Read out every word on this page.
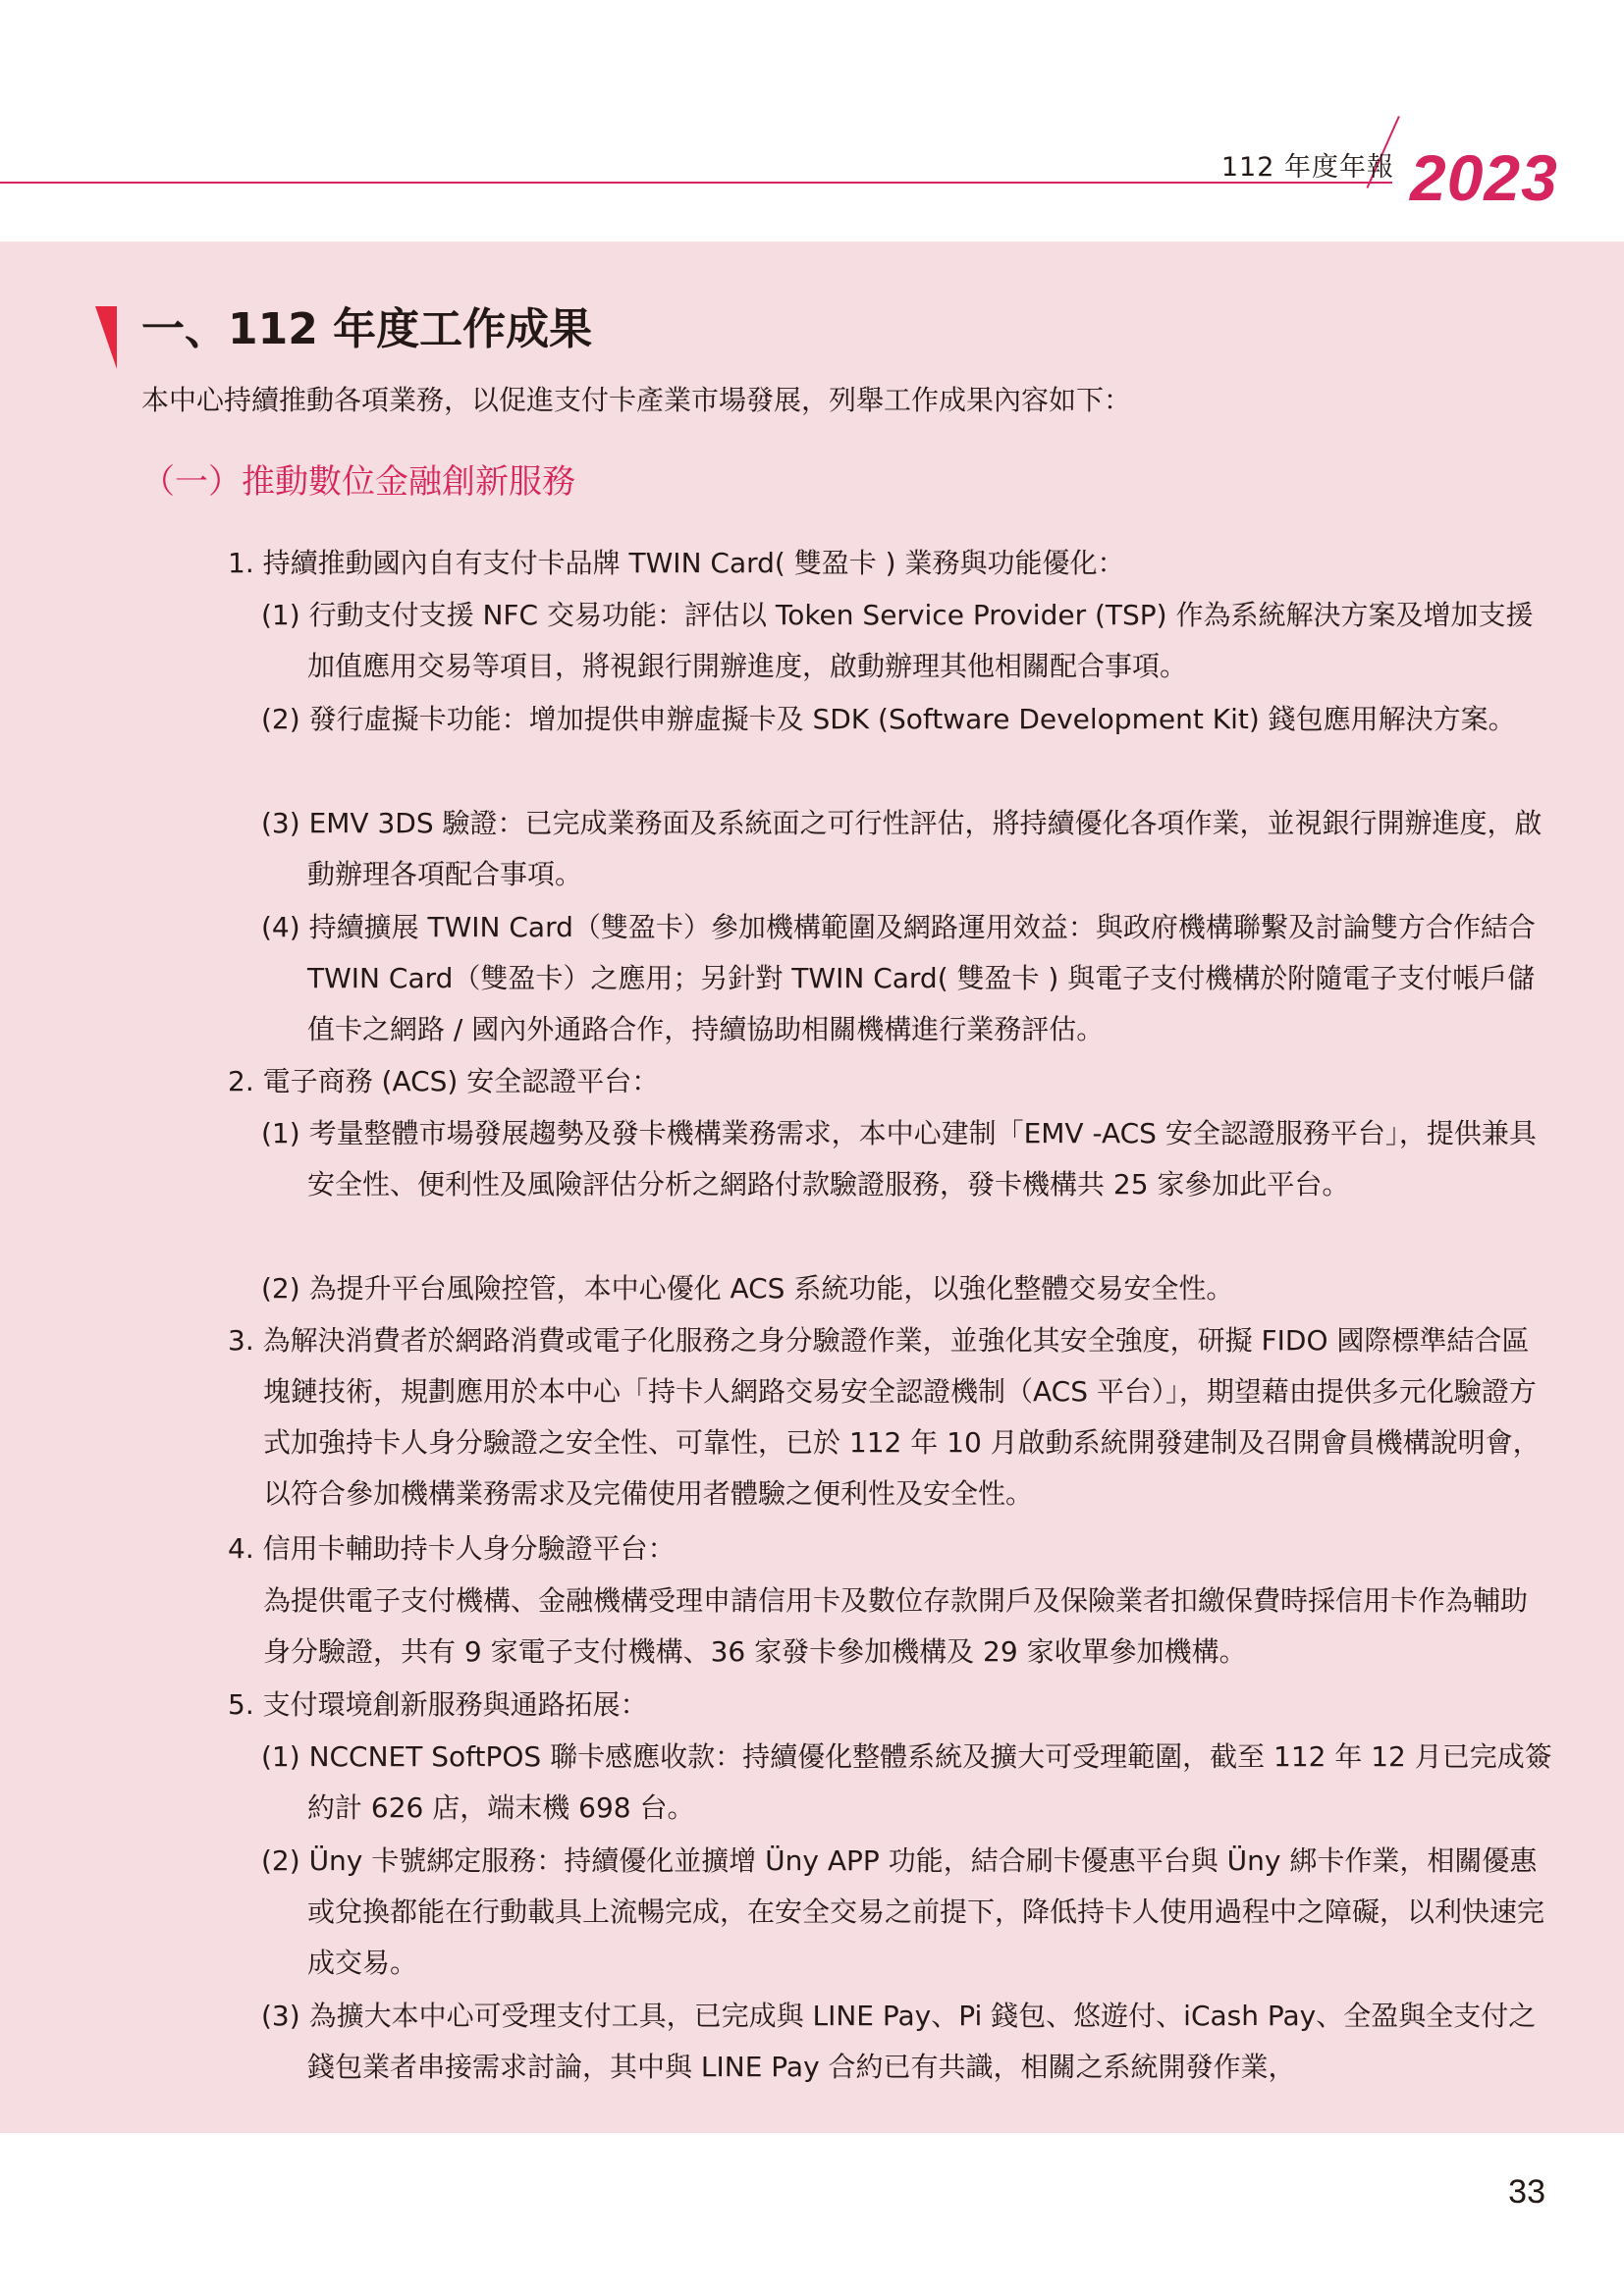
112 年度年報 2023
一、112 年度工作成果
本中心持續推動各項業務，以促進支付卡產業市場發展，列舉工作成果內容如下：
（一）推動數位金融創新服務

1. 持續推動國內自有支付卡品牌 TWIN Card( 雙盈卡 ) 業務與功能優化：

(1) 行動支付支援 NFC 交易功能：評估以 Token Service Provider (TSP) 作為系統解決方案及增加支援加值應用交易等項目，將視銀行開辦進度，啟動辦理其他相關配合事項。

(2) 發行虛擬卡功能：增加提供申辦虛擬卡及 SDK (Software Development Kit) 錢包應用解決方案。

(3) EMV 3DS 驗證：已完成業務面及系統面之可行性評估，將持續優化各項作業，並視銀行開辦進度，啟動辦理各項配合事項。

(4) 持續擴展 TWIN Card（雙盈卡）參加機構範圍及網路運用效益：與政府機構聯繫及討論雙方合作結合 TWIN Card（雙盈卡）之應用；另針對 TWIN Card( 雙盈卡 ) 與電子支付機構於附隨電子支付帳戶儲值卡之網路 / 國內外通路合作，持續協助相關機構進行業務評估。

2. 電子商務 (ACS) 安全認證平台：

(1) 考量整體市場發展趨勢及發卡機構業務需求，本中心建制「EMV -ACS 安全認證服務平台」，提供兼具安全性、便利性及風險評估分析之網路付款驗證服務，發卡機構共 25 家參加此平台。

(2) 為提升平台風險控管，本中心優化 ACS 系統功能，以強化整體交易安全性。

3. 為解決消費者於網路消費或電子化服務之身分驗證作業，並強化其安全強度，研擬 FIDO 國際標準結合區塊鏈技術，規劃應用於本中心「持卡人網路交易安全認證機制（ACS 平台）」，期望藉由提供多元化驗證方式加強持卡人身分驗證之安全性、可靠性，已於 112 年 10 月啟動系統開發建制及召開會員機構說明會，以符合參加機構業務需求及完備使用者體驗之便利性及安全性。

4. 信用卡輔助持卡人身分驗證平台：

為提供電子支付機構、金融機構受理申請信用卡及數位存款開戶及保險業者扣繳保費時採信用卡作為輔助身分驗證，共有 9 家電子支付機構、36 家發卡參加機構及 29 家收單參加機構。

5. 支付環境創新服務與通路拓展：

(1) NCCNET SoftPOS 聯卡感應收款：持續優化整體系統及擴大可受理範圍，截至 112 年 12 月已完成簽約計 626 店，端末機 698 台。

(2) Üny 卡號綁定服務：持續優化並擴增 Üny APP 功能，結合刷卡優惠平台與 Üny 綁卡作業，相關優惠或兌換都能在行動載具上流暢完成，在安全交易之前提下，降低持卡人使用過程中之障礙，以利快速完成交易。

(3) 為擴大本中心可受理支付工具，已完成與 LINE Pay、Pi 錢包、悠遊付、iCash Pay、全盈與全支付之錢包業者串接需求討論，其中與 LINE Pay 合約已有共識，相關之系統開發作業，

33
